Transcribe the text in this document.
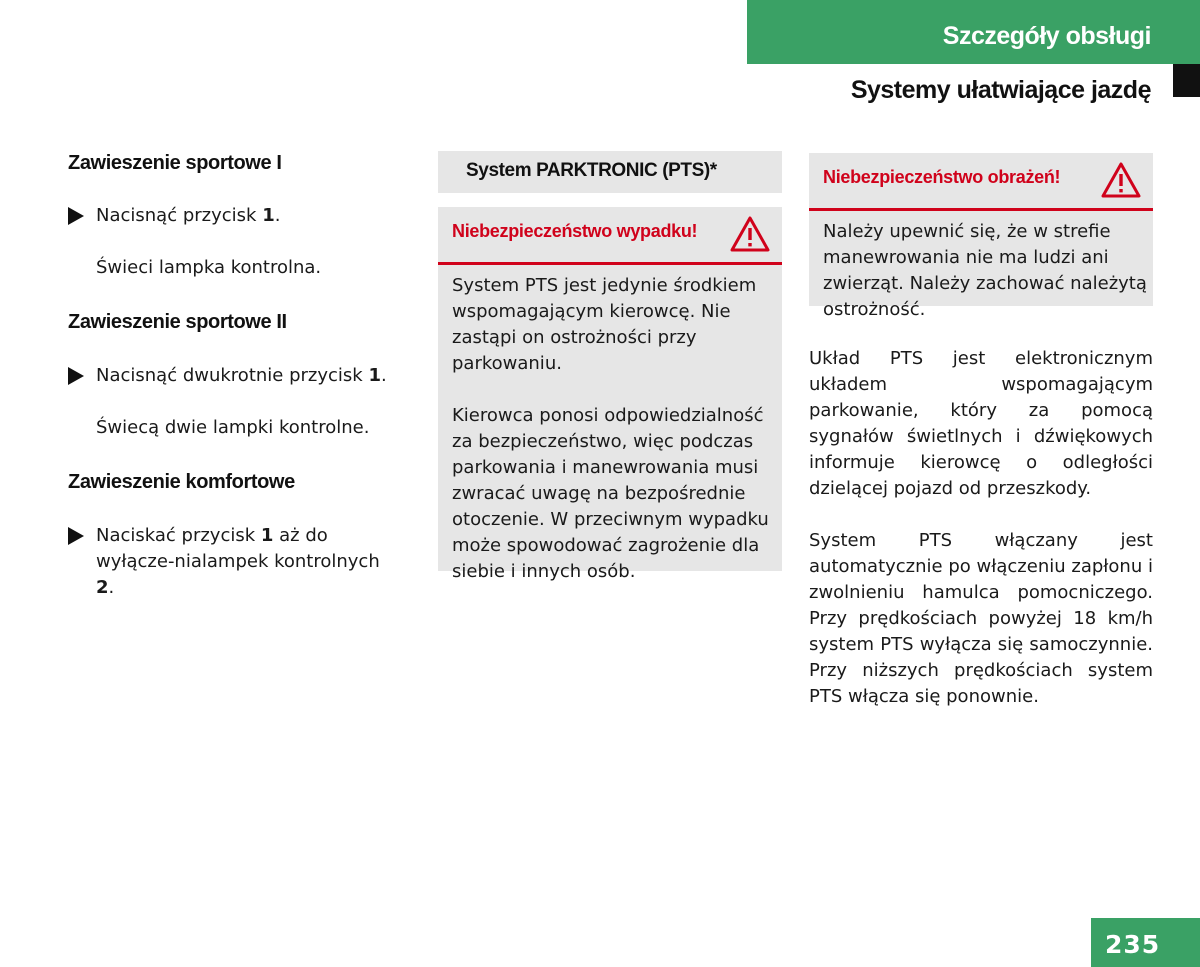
Szczegóły obsługi
Systemy ułatwiające jazdę

Zawieszenie sportowe I

Nacisnąć przycisk 1.

Świeci lampka kontrolna.

Zawieszenie sportowe II

Nacisnąć dwukrotnie przycisk 1.

Świecą dwie lampki kontrolne.

Zawieszenie komfortowe

Naciskać przycisk 1 aż do wyłącze-nialampek kontrolnych 2.

System PARKTRONIC (PTS)*
Niebezpieczeństwo wypadku!

System PTS jest jedynie środkiem wspomagającym kierowcę. Nie zastąpi on ostrożności przy parkowaniu.

Kierowca ponosi odpowiedzialność za bezpieczeństwo, więc podczas parkowania i manewrowania musi zwracać uwagę na bezpośrednie otoczenie. W przeciwnym wypadku może spowodować zagrożenie dla siebie i innych osób.

Niebezpieczeństwo obrażeń!

Należy upewnić się, że w strefie manewrowania nie ma ludzi ani zwierząt. Należy zachować należytą ostrożność.

Układ PTS jest elektronicznym układem wspomagającym parkowanie, który za pomocą sygnałów świetlnych i dźwiękowych informuje kierowcę o odległości dzielącej pojazd od przeszkody.

System PTS włączany jest automatycznie po włączeniu zapłonu i zwolnieniu hamulca pomocniczego. Przy prędkościach powyżej 18 km/h system PTS wyłącza się samoczynnie. Przy niższych prędkościach system PTS włącza się ponownie.

235
